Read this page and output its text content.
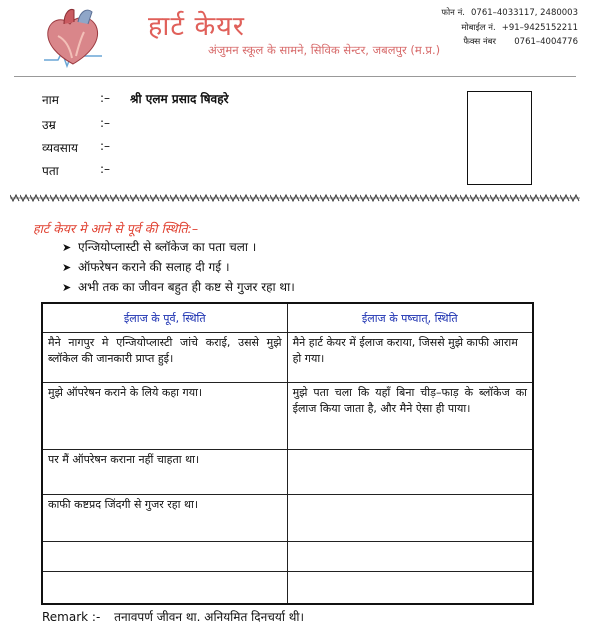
हार्ट केयर
अंजुमन स्कूल के सामने, सिविक सेन्टर, जबलपुर (म.प्र.)
फोन नं. 0761–4033117, 2480003
मोबाईल नं. +91–9425152211
फैक्स नंबर	0761–4004776
नाम	:– श्री एलम प्रसाद षिवहरे
उम्र	:–
व्यवसाय :–
पता	:–
हार्ट केयर मे आने से पूर्व की स्थिति:–
➤ एन्जियोप्लास्टी से ब्लॉकेज का पता चला ।
➤ ऑफरेषन कराने की सलाह दी गई ।
➤ अभी तक का जीवन बहुत ही कष्ट से गुजर रहा था।
ईलाज के पूर्व, स्थिति	ईलाज के पष्चात्, स्थिति
मैने नागपुर मे एन्जियोप्लास्टी जांचे कराई, उससे मुझे ब्लॉकेल की जानकारी प्राप्त हुई।	मैने हार्ट केयर में ईलाज कराया, जिससे मुझे काफी आराम हो गया।
मुझे ऑपरेषन कराने के लिये कहा गया।	मुझे पता चला कि यहाँ बिना चीड़–फाड़ के ब्लॉकेज का ईलाज किया जाता है, और मैने ऐसा ही पाया।
पर मैं ऑपरेषन कराना नहीं चाहता था।	
काफी कष्टप्रद जिंदगी से गुजर रहा था।	

Remark :- तनावपर्ण जीवन था. अनियमित दिनचर्या थी।
